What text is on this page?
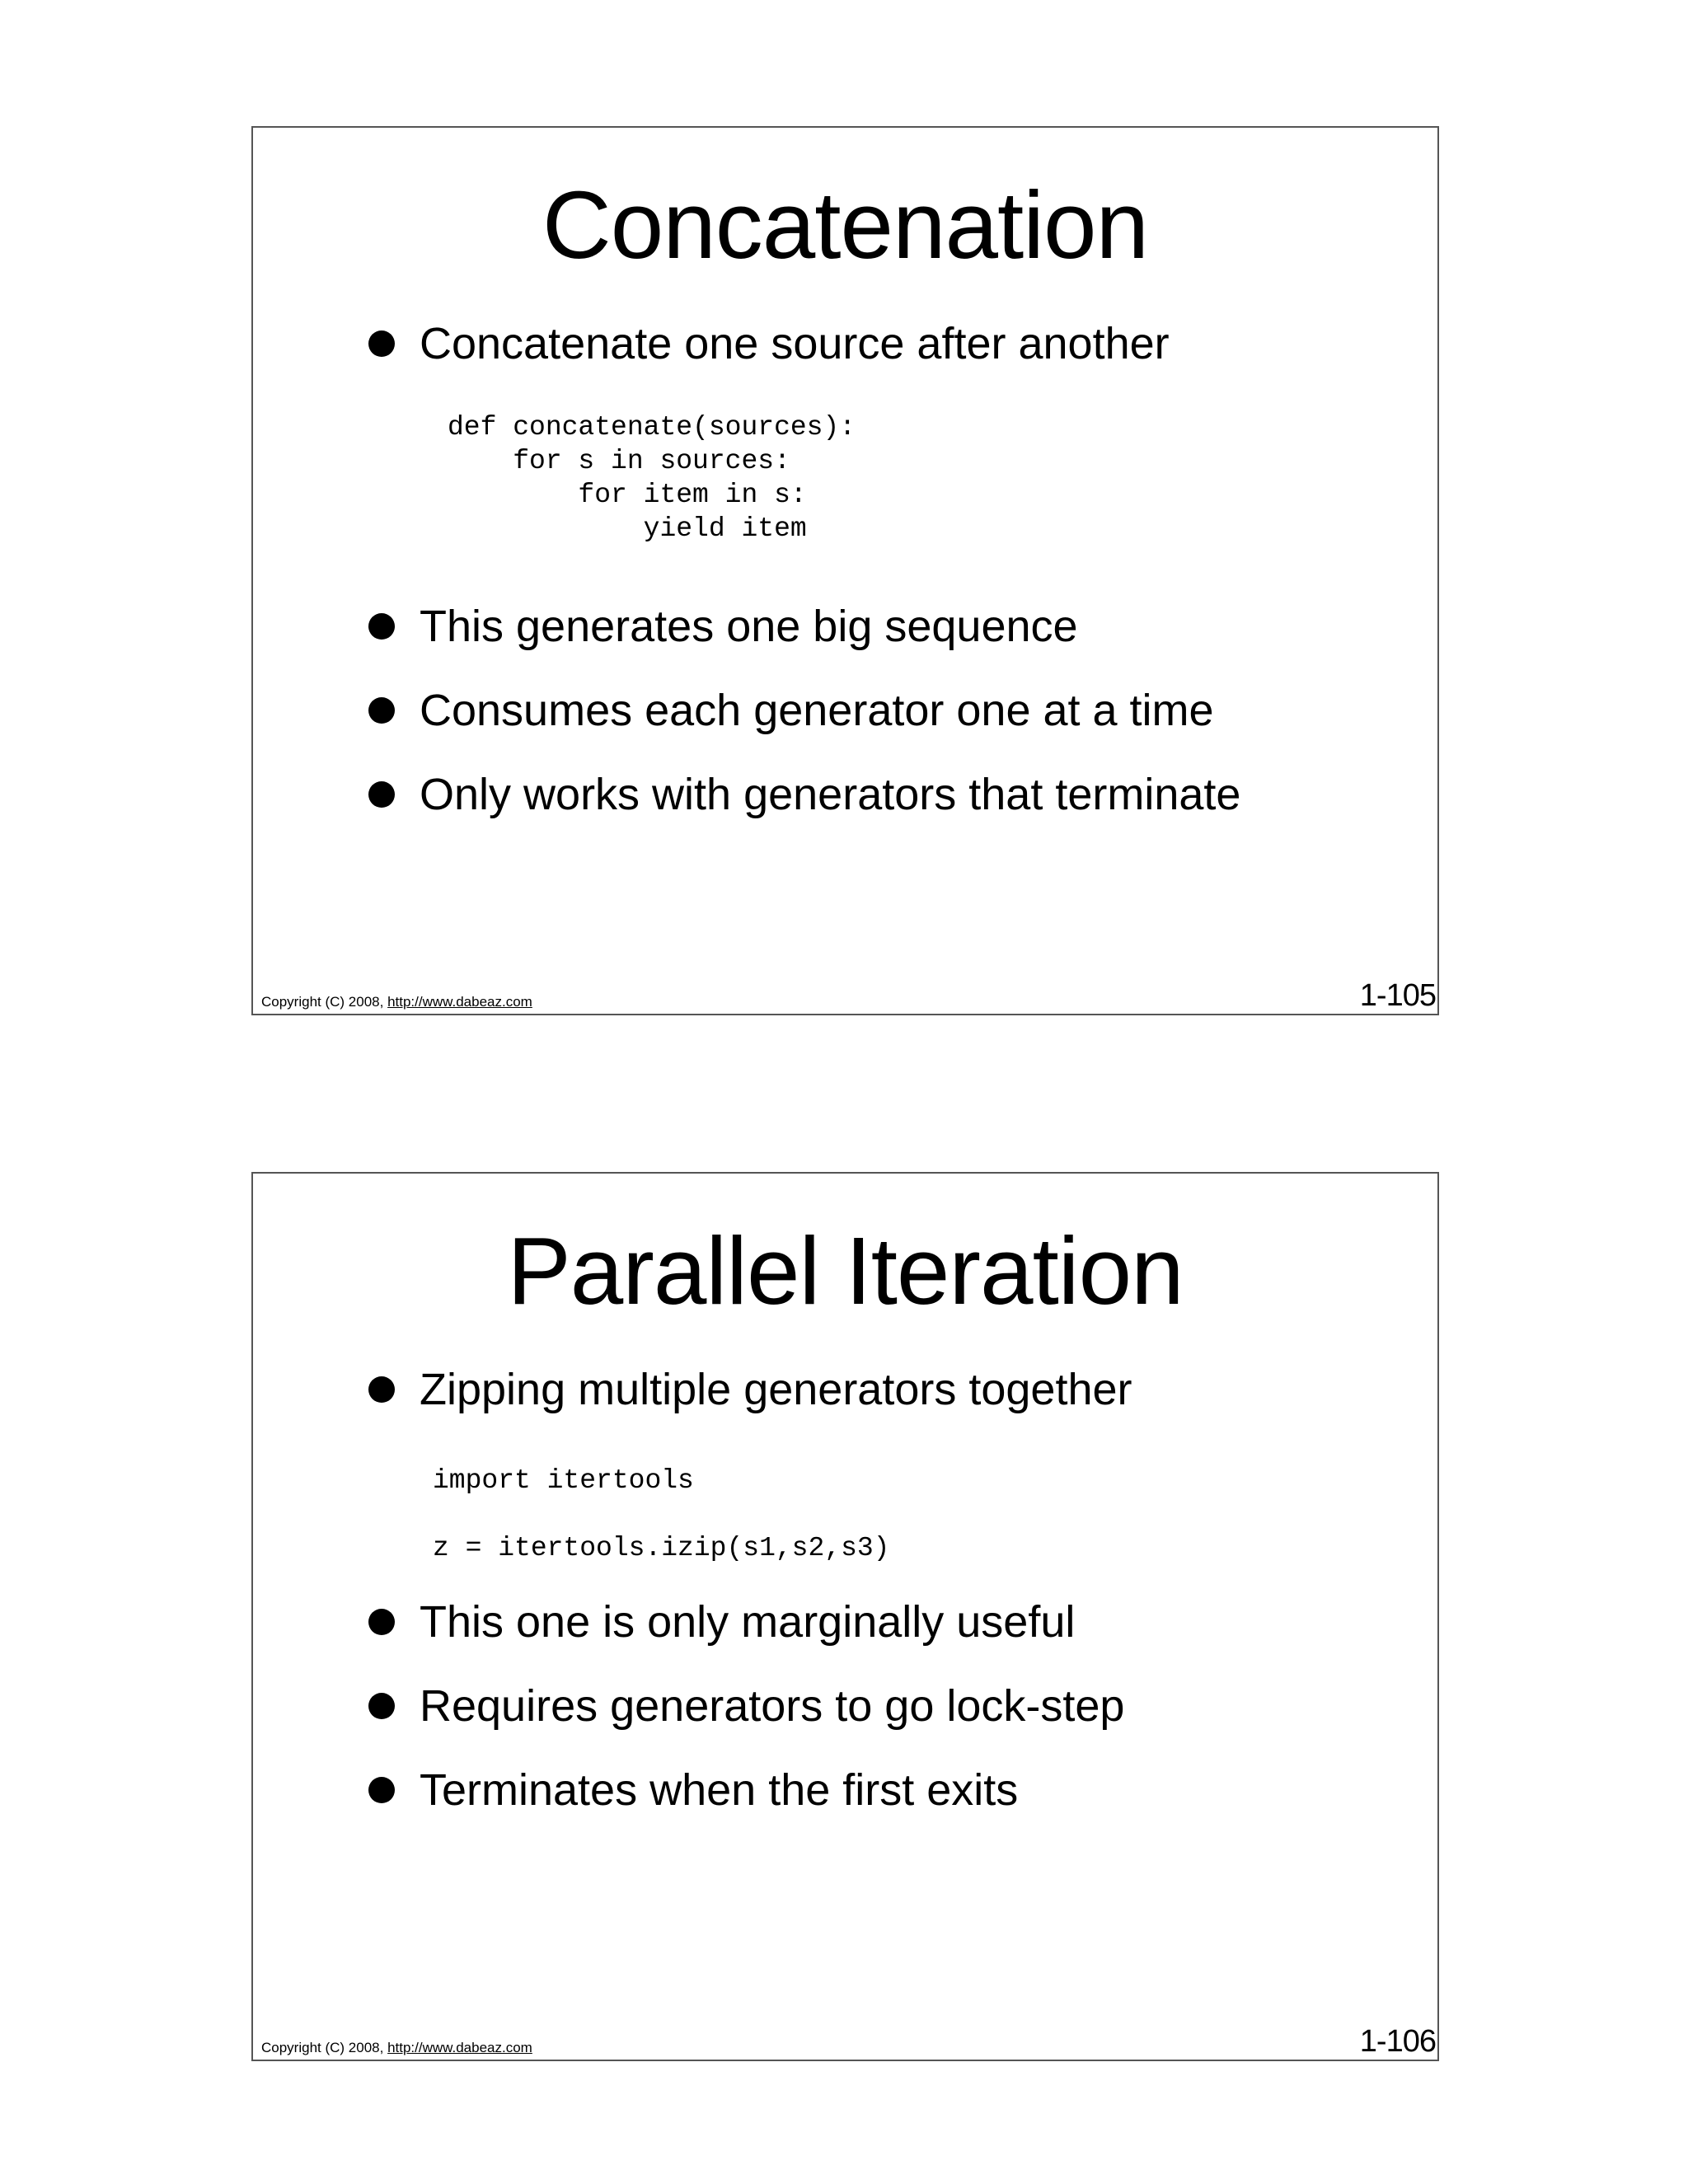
Concatenation
Concatenate one source after another
def concatenate(sources):
for s in sources:
for item in s:
yield item
This generates one big sequence
Consumes each generator one at a time
Only works with generators that terminate
Copyright (C) 2008, http://www.dabeaz.com	1-105
Parallel Iteration
Zipping multiple generators together
import itertools
z = itertools.izip(s1,s2,s3)
This one is only marginally useful
Requires generators to go lock-step
Terminates when the first exits
Copyright (C) 2008, http://www.dabeaz.com	1-106
